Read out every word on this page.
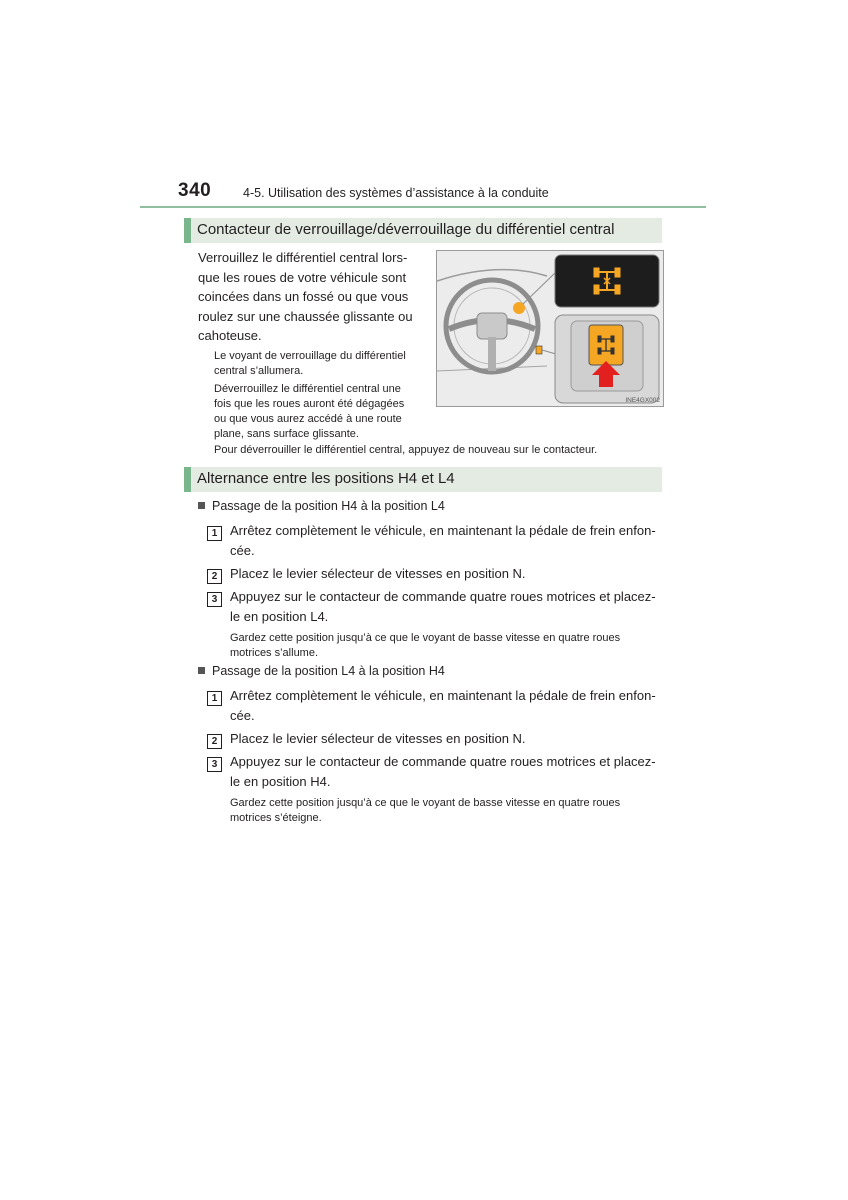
340	4-5. Utilisation des systèmes d’assistance à la conduite
Contacteur de verrouillage/déverrouillage du différentiel central
Verrouillez le différentiel central lors-
que les roues de votre véhicule sont
coincées dans un fossé ou que vous
roulez sur une chaussée glissante ou
cahoteuse.
Le voyant de verrouillage du différentiel
central s’allumera.
Déverrouillez le différentiel central une
fois que les roues auront été dégagées
ou que vous aurez accédé à une route
plane, sans surface glissante.
Pour déverrouiller le différentiel central, appuyez de nouveau sur le contacteur.
INE4GX002
Alternance entre les positions H4 et L4
Passage de la position H4 à la position L4
1 Arrêtez complètement le véhicule, en maintenant la pédale de frein enfon-
cée.
2 Placez le levier sélecteur de vitesses en position N.
3 Appuyez sur le contacteur de commande quatre roues motrices et placez-
le en position L4.
Gardez cette position jusqu’à ce que le voyant de basse vitesse en quatre roues
motrices s’allume.
Passage de la position L4 à la position H4
1 Arrêtez complètement le véhicule, en maintenant la pédale de frein enfon-
cée.
2 Placez le levier sélecteur de vitesses en position N.
3 Appuyez sur le contacteur de commande quatre roues motrices et placez-
le en position H4.
Gardez cette position jusqu’à ce que le voyant de basse vitesse en quatre roues
motrices s’éteigne.
